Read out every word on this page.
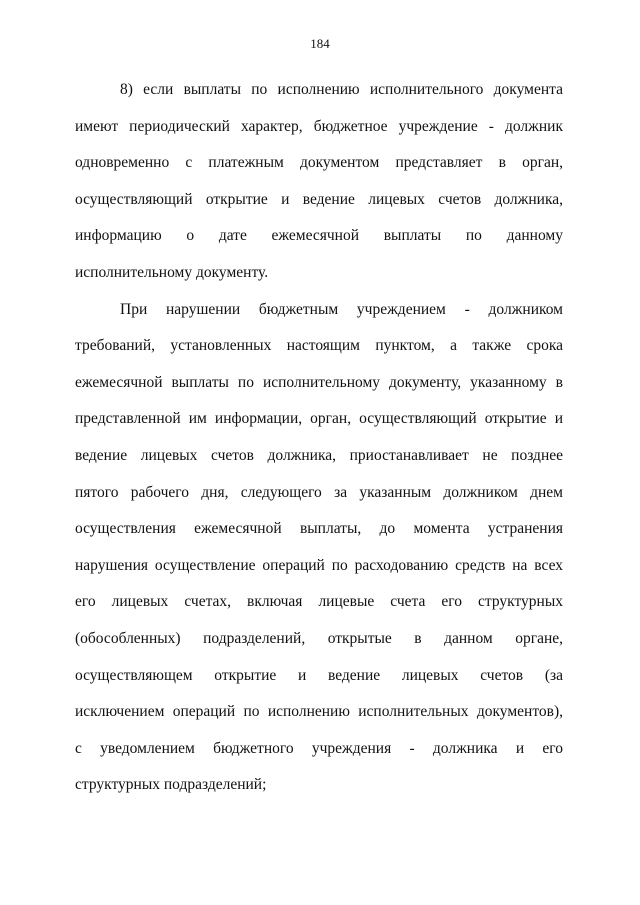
184
8) если выплаты по исполнению исполнительного документа
имеют периодический характер, бюджетное учреждение - должник
одновременно с платежным документом представляет в орган,
осуществляющий открытие и ведение лицевых счетов должника,
информацию о дате ежемесячной выплаты по данному
исполнительному документу.
При нарушении бюджетным учреждением - должником
требований, установленных настоящим пунктом, а также срока
ежемесячной выплаты по исполнительному документу, указанному в
представленной им информации, орган, осуществляющий открытие и
ведение лицевых счетов должника, приостанавливает не позднее
пятого рабочего дня, следующего за указанным должником днем
осуществления ежемесячной выплаты, до момента устранения
нарушения осуществление операций по расходованию средств на всех
его лицевых счетах, включая лицевые счета его структурных
(обособленных) подразделений, открытые в данном органе,
осуществляющем открытие и ведение лицевых счетов (за
исключением операций по исполнению исполнительных документов),
с уведомлением бюджетного учреждения - должника и его
структурных подразделений;
